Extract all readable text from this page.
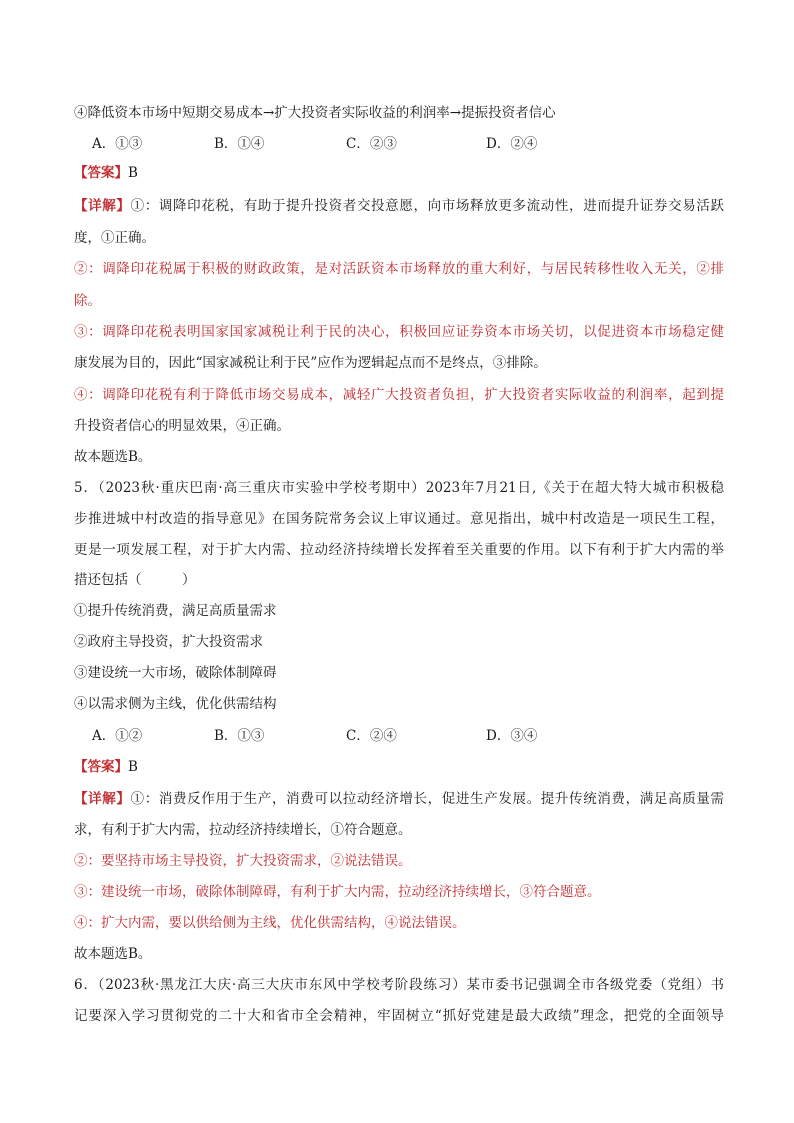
④降低资本市场中短期交易成本→扩大投资者实际收益的利润率→提振投资者信心
A．①③	B．①④	C．②③	D．②④
【答案】B
【详解】①：调降印花税，有助于提升投资者交投意愿，向市场释放更多流动性，进而提升证券交易活跃
度，①正确。
②：调降印花税属于积极的财政政策，是对活跃资本市场释放的重大利好，与居民转移性收入无关，②排
除。
③：调降印花税表明国家国家减税让利于民的决心，积极回应证券资本市场关切，以促进资本市场稳定健
康发展为目的，因此“国家减税让利于民”应作为逻辑起点而不是终点，③排除。
④：调降印花税有利于降低市场交易成本，减轻广大投资者负担，扩大投资者实际收益的利润率，起到提
升投资者信心的明显效果，④正确。
故本题选B。
5．（2023秋·重庆巴南·高三重庆市实验中学校考期中）2023年7月21日,《关于在超大特大城市积极稳
步推进城中村改造的指导意见》在国务院常务会议上审议通过。意见指出，城中村改造是一项民生工程，
更是一项发展工程，对于扩大内需、拉动经济持续增长发挥着至关重要的作用。以下有利于扩大内需的举
措还包括（　　　）
①提升传统消费，满足高质量需求
②政府主导投资，扩大投资需求
③建设统一大市场，破除体制障碍
④以需求侧为主线，优化供需结构
A．①②	B．①③	C．②④	D．③④
【答案】B
【详解】①：消费反作用于生产，消费可以拉动经济增长，促进生产发展。提升传统消费，满足高质量需
求，有利于扩大内需，拉动经济持续增长，①符合题意。
②：要坚持市场主导投资，扩大投资需求，②说法错误。
③：建设统一市场，破除体制障碍，有利于扩大内需，拉动经济持续增长，③符合题意。
④：扩大内需，要以供给侧为主线，优化供需结构，④说法错误。
故本题选B。
6．（2023秋·黑龙江大庆·高三大庆市东风中学校考阶段练习）某市委书记强调全市各级党委（党组）书
记要深入学习贯彻党的二十大和省市全会精神，牢固树立“抓好党建是最大政绩”理念，把党的全面领导
